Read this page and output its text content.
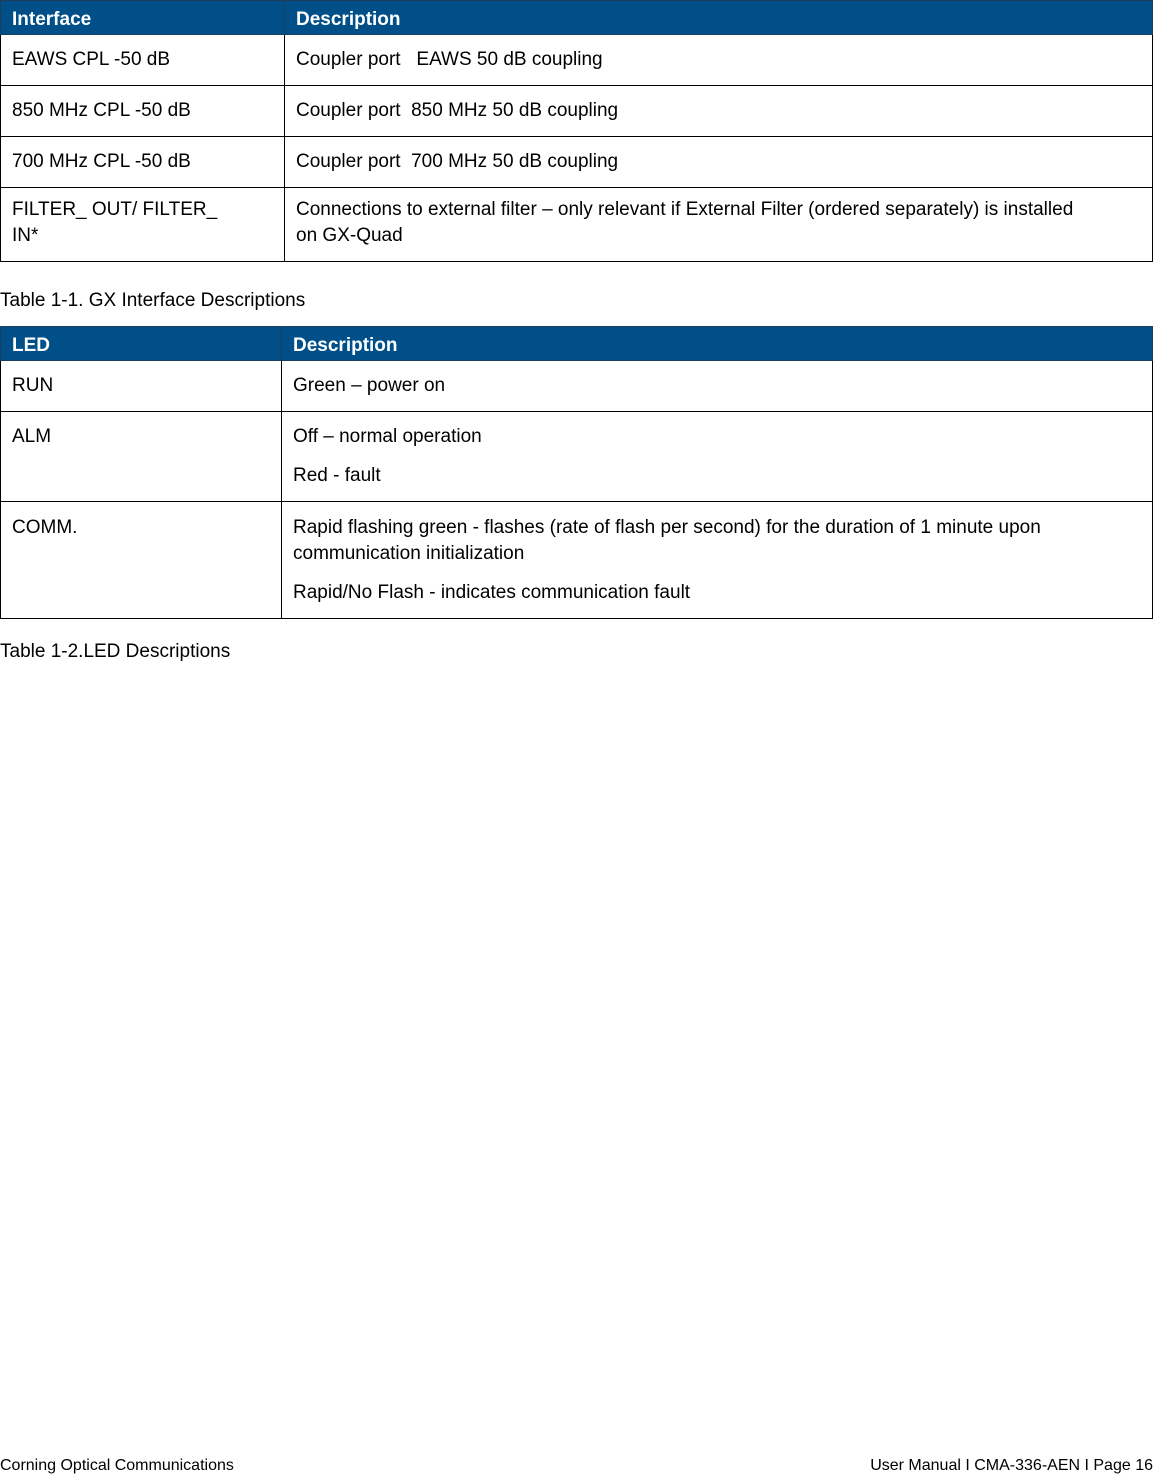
Interface	Description
EAWS CPL -50 dB	Coupler port   EAWS 50 dB coupling
850 MHz CPL -50 dB	Coupler port  850 MHz 50 dB coupling
700 MHz CPL -50 dB	Coupler port  700 MHz 50 dB coupling
FILTER_ OUT/ FILTER_ IN*	Connections to external filter – only relevant if External Filter (ordered separately) is installed on GX-Quad
Table 1-1. GX Interface Descriptions
LED	Description
RUN	Green – power on

ALM	Off – normal operation

Red - fault

COMM.	Rapid flashing green - flashes (rate of flash per second) for the duration of 1 minute upon communication initialization

Rapid/No Flash - indicates communication fault

Table 1-2.LED Descriptions
Corning Optical Communications	User Manual I CMA-336-AEN I Page 16
